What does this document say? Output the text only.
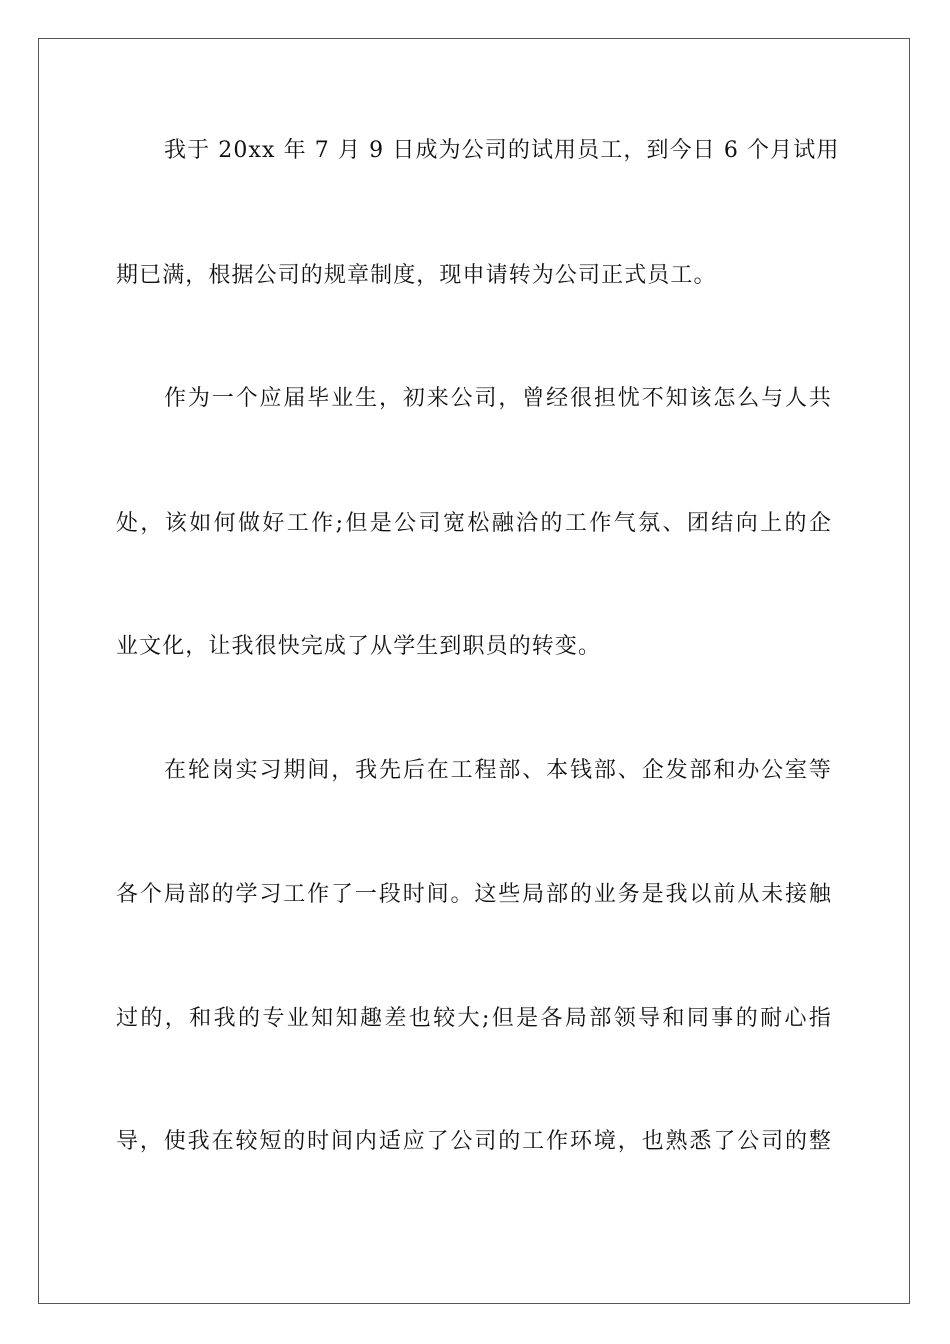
我于 20xx 年 7 月 9 日成为公司的试用员工，到今日 6 个月试用
期已满，根据公司的规章制度，现申请转为公司正式员工。
作为一个应届毕业生，初来公司，曾经很担忧不知该怎么与人共
处，该如何做好工作;但是公司宽松融洽的工作气氛、团结向上的企
业文化，让我很快完成了从学生到职员的转变。
在轮岗实习期间，我先后在工程部、本钱部、企发部和办公室等
各个局部的学习工作了一段时间。这些局部的业务是我以前从未接触
过的，和我的专业知知趣差也较大;但是各局部领导和同事的耐心指
导，使我在较短的时间内适应了公司的工作环境，也熟悉了公司的整
